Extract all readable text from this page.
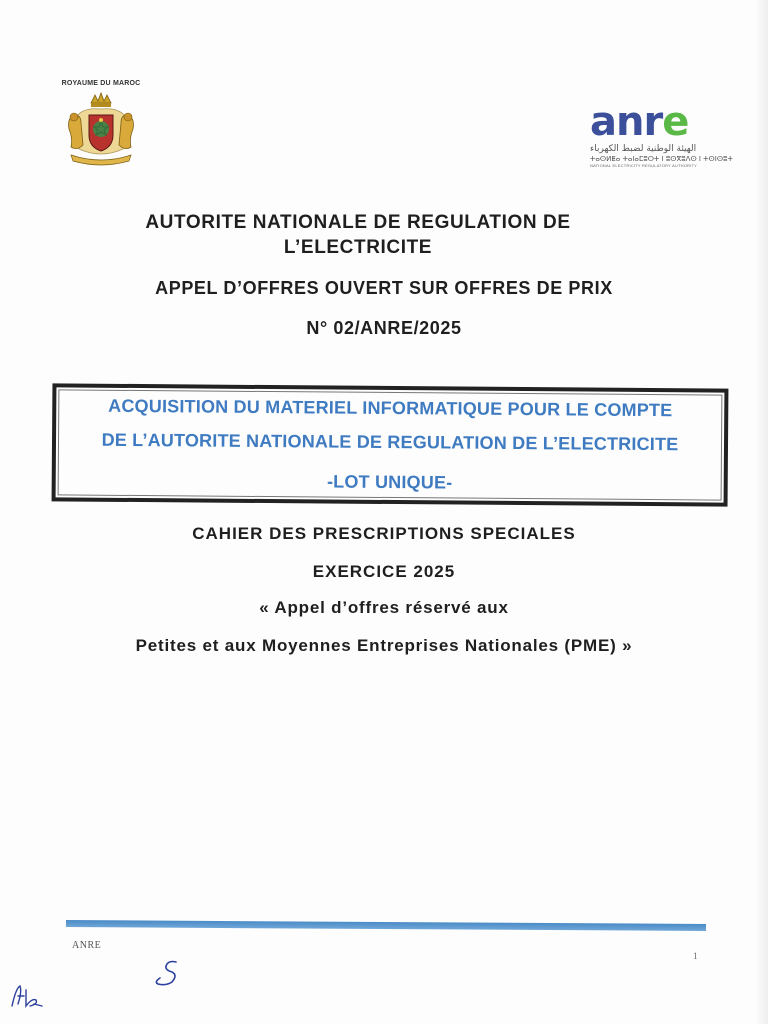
ROYAUME DU MAROC
anre
الهيئة الوطنية لضبط الكهرباء
ⵜⴰⵙⵍⵟⴰ ⵜⴰⵏⴰⵎⵓⵔⵜ ⵏ ⵓⵙⴳⵓⴷⵙ ⵏ ⵜⵙⵏⵙⵓⵜ
NATIONAL ELECTRICITY REGULATORY AUTHORITY
AUTORITE NATIONALE DE REGULATION DE L’ELECTRICITE
APPEL D’OFFRES OUVERT SUR OFFRES DE PRIX
N° 02/ANRE/2025
ACQUISITION DU MATERIEL INFORMATIQUE POUR LE COMPTE
DE L’AUTORITE NATIONALE DE REGULATION DE L’ELECTRICITE
-LOT UNIQUE-
CAHIER DES PRESCRIPTIONS SPECIALES
EXERCICE 2025
« Appel d’offres réservé aux
Petites et aux Moyennes Entreprises Nationales (PME) »
ANRE
1
